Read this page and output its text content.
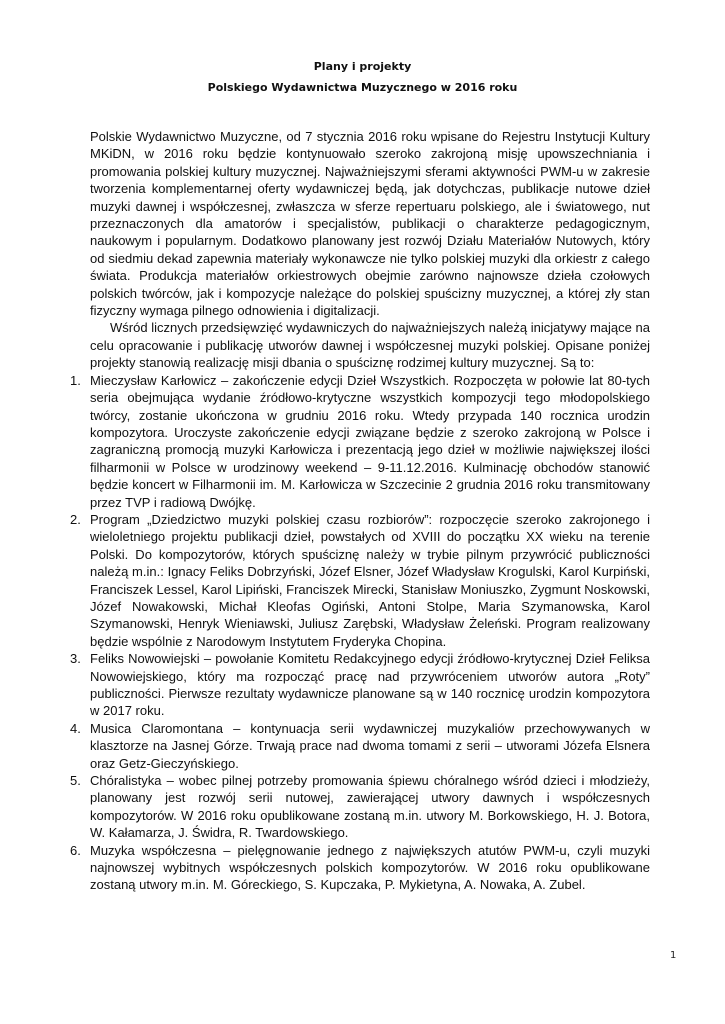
Plany i projekty
Polskiego Wydawnictwa Muzycznego w 2016 roku

Polskie Wydawnictwo Muzyczne, od 7 stycznia 2016 roku wpisane do Rejestru Instytucji Kultury MKiDN, w 2016 roku będzie kontynuowało szeroko zakrojoną misję upowszechniania i promowania polskiej kultury muzycznej. Najważniejszymi sferami aktywności PWM-u w zakresie tworzenia komplementarnej oferty wydawniczej będą, jak dotychczas, publikacje nutowe dzieł muzyki dawnej i współczesnej, zwłaszcza w sferze repertuaru polskiego, ale i światowego, nut przeznaczonych dla amatorów i specjalistów, publikacji o charakterze pedagogicznym, naukowym i popularnym. Dodatkowo planowany jest rozwój Działu Materiałów Nutowych, który od siedmiu dekad zapewnia materiały wykonawcze nie tylko polskiej muzyki dla orkiestr z całego świata. Produkcja materiałów orkiestrowych obejmie zarówno najnowsze dzieła czołowych polskich twórców, jak i kompozycje należące do polskiej spuścizny muzycznej, a której zły stan fizyczny wymaga pilnego odnowienia i digitalizacji.

Wśród licznych przedsięwzięć wydawniczych do najważniejszych należą inicjatywy mające na celu opracowanie i publikację utworów dawnej i współczesnej muzyki polskiej. Opisane poniżej projekty stanowią realizację misji dbania o spuściznę rodzimej kultury muzycznej. Są to:

1. Mieczysław Karłowicz – zakończenie edycji Dzieł Wszystkich. Rozpoczęta w połowie lat 80-tych seria obejmująca wydanie źródłowo-krytyczne wszystkich kompozycji tego młodopolskiego twórcy, zostanie ukończona w grudniu 2016 roku. Wtedy przypada 140 rocznica urodzin kompozytora. Uroczyste zakończenie edycji związane będzie z szeroko zakrojoną w Polsce i zagraniczną promocją muzyki Karłowicza i prezentacją jego dzieł w możliwie największej ilości filharmonii w Polsce w urodzinowy weekend – 9-11.12.2016. Kulminację obchodów stanowić będzie koncert w Filharmonii im. M. Karłowicza w Szczecinie 2 grudnia 2016 roku transmitowany przez TVP i radiową Dwójkę.
2. Program „Dziedzictwo muzyki polskiej czasu rozbiorów”: rozpoczęcie szeroko zakrojonego i wieloletniego projektu publikacji dzieł, powstałych od XVIII do początku XX wieku na terenie Polski. Do kompozytorów, których spuściznę należy w trybie pilnym przywrócić publiczności należą m.in.: Ignacy Feliks Dobrzyński, Józef Elsner, Józef Władysław Krogulski, Karol Kurpiński, Franciszek Lessel, Karol Lipiński, Franciszek Mirecki, Stanisław Moniuszko, Zygmunt Noskowski, Józef Nowakowski, Michał Kleofas Ogiński, Antoni Stolpe, Maria Szymanowska, Karol Szymanowski, Henryk Wieniawski, Juliusz Zarębski, Władysław Żeleński. Program realizowany będzie wspólnie z Narodowym Instytutem Fryderyka Chopina.
3. Feliks Nowowiejski – powołanie Komitetu Redakcyjnego edycji źródłowo-krytycznej Dzieł Feliksa Nowowiejskiego, który ma rozpocząć pracę nad przywróceniem utworów autora „Roty” publiczności. Pierwsze rezultaty wydawnicze planowane są w 140 rocznicę urodzin kompozytora w 2017 roku.
4. Musica Claromontana – kontynuacja serii wydawniczej muzykaliów przechowywanych w klasztorze na Jasnej Górze. Trwają prace nad dwoma tomami z serii – utworami Józefa Elsnera oraz Getz-Gieczyńskiego.
5. Chóralistyka – wobec pilnej potrzeby promowania śpiewu chóralnego wśród dzieci i młodzieży, planowany jest rozwój serii nutowej, zawierającej utwory dawnych i współczesnych kompozytorów. W 2016 roku opublikowane zostaną m.in. utwory M. Borkowskiego, H. J. Botora, W. Kałamarza, J. Świdra, R. Twardowskiego.
6. Muzyka współczesna – pielęgnowanie jednego z największych atutów PWM-u, czyli muzyki najnowszej wybitnych współczesnych polskich kompozytorów. W 2016 roku opublikowane zostaną utwory m.in. M. Góreckiego, S. Kupczaka, P. Mykietyna, A. Nowaka, A. Zubel.
1
